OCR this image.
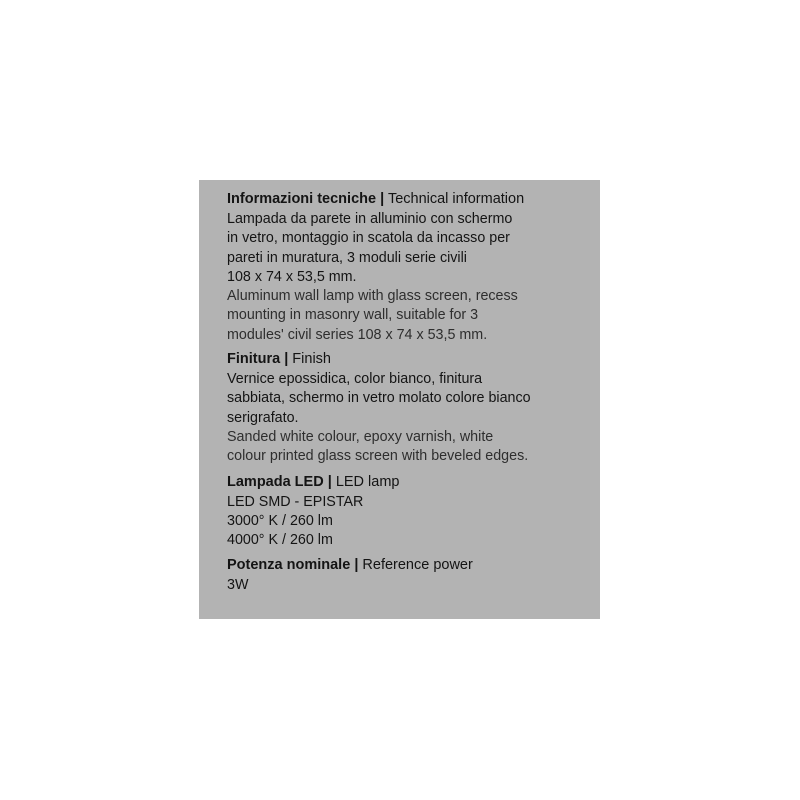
Informazioni tecniche | Technical information

Lampada da parete in alluminio con schermo

in vetro, montaggio in scatola da incasso per

pareti in muratura, 3 moduli serie civili

108 x 74 x 53,5 mm.

Aluminum wall lamp with glass screen, recess

mounting in masonry wall, suitable for 3

modules' civil series 108 x 74 x 53,5 mm.

Finitura | Finish

Vernice epossidica, color bianco, finitura

sabbiata, schermo in vetro molato colore bianco

serigrafato.

Sanded white colour, epoxy varnish, white

colour printed glass screen with beveled edges.

Lampada LED | LED lamp

LED SMD - EPISTAR

3000° K / 260 lm

4000° K / 260 lm

Potenza nominale | Reference power

3W
